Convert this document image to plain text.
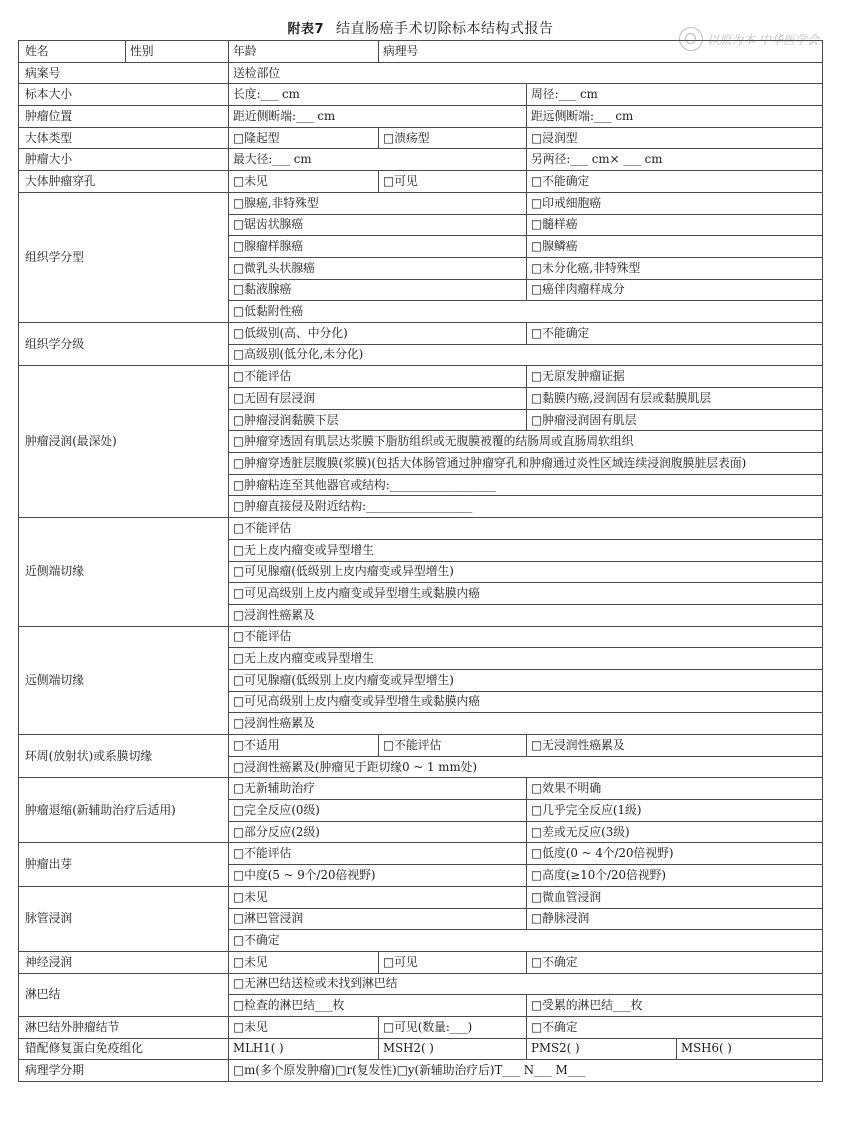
附表7 结直肠癌手术切除标本结构式报告
以原为本 中华医学会
姓名	性别	年龄	病理号		
病案号		送检部位			
标本大小		长度:___ cm		周径:___ cm	
肿瘤位置		距近侧断端:___ cm		距远侧断端:___ cm	
大体类型		□隆起型	□溃疡型	□浸润型	
肿瘤大小		最大径:___ cm		另两径:___ cm× ___ cm	
大体肿瘤穿孔		□未见	□可见	□不能确定	
组织学分型		□腺癌,非特殊型		□印戒细胞癌	
		□锯齿状腺癌		□髓样癌	
		□腺瘤样腺癌		□腺鳞癌	
		□微乳头状腺癌		□未分化癌,非特殊型	
		□黏液腺癌		□癌伴肉瘤样成分	
		□低黏附性癌			
组织学分级		□低级别(高、中分化)		□不能确定	
		□高级别(低分化,未分化)			
肿瘤浸润(最深处)		□不能评估		□无原发肿瘤证据	
		□无固有层浸润		□黏膜内癌,浸润固有层或黏膜肌层	
		□肿瘤浸润黏膜下层		□肿瘤浸润固有肌层	
		□肿瘤穿透固有肌层达浆膜下脂肪组织或无腹膜被覆的结肠周或直肠周软组织			
		□肿瘤穿透脏层腹膜(浆膜)(包括大体肠管通过肿瘤穿孔和肿瘤通过炎性区域连续浸润腹膜脏层表面)			
		□肿瘤粘连至其他器官或结构:__________________			
		□肿瘤直接侵及附近结构:__________________			
近侧端切缘		□不能评估			
		□无上皮内瘤变或异型增生			
		□可见腺瘤(低级别上皮内瘤变或异型增生)			
		□可见高级别上皮内瘤变或异型增生或黏膜内癌			
		□浸润性癌累及			
远侧端切缘		□不能评估			
		□无上皮内瘤变或异型增生			
		□可见腺瘤(低级别上皮内瘤变或异型增生)			
		□可见高级别上皮内瘤变或异型增生或黏膜内癌			
		□浸润性癌累及			
环周(放射状)或系膜切缘		□不适用	□不能评估	□无浸润性癌累及	
		□浸润性癌累及(肿瘤见于距切缘0 ~ 1 mm处)			
肿瘤退缩(新辅助治疗后适用)		□无新辅助治疗		□效果不明确	
		□完全反应(0级)		□几乎完全反应(1级)	
		□部分反应(2级)		□差或无反应(3级)	
肿瘤出芽		□不能评估		□低度(0 ~ 4个/20倍视野)	
		□中度(5 ~ 9个/20倍视野)		□高度(≥10个/20倍视野)	
脉管浸润		□未见		□微血管浸润	
		□淋巴管浸润		□静脉浸润	
		□不确定			
神经浸润		□未见	□可见	□不确定	
淋巴结		□无淋巴结送检或未找到淋巴结			
		□检查的淋巴结___枚		□受累的淋巴结___枚	
淋巴结外肿瘤结节		□未见	□可见(数量:___)	□不确定	
错配修复蛋白免疫组化		MLH1( )	MSH2( )	PMS2( )	MSH6( )
病理学分期		□m(多个原发肿瘤)□r(复发性)□y(新辅助治疗后)T___ N___ M___			
